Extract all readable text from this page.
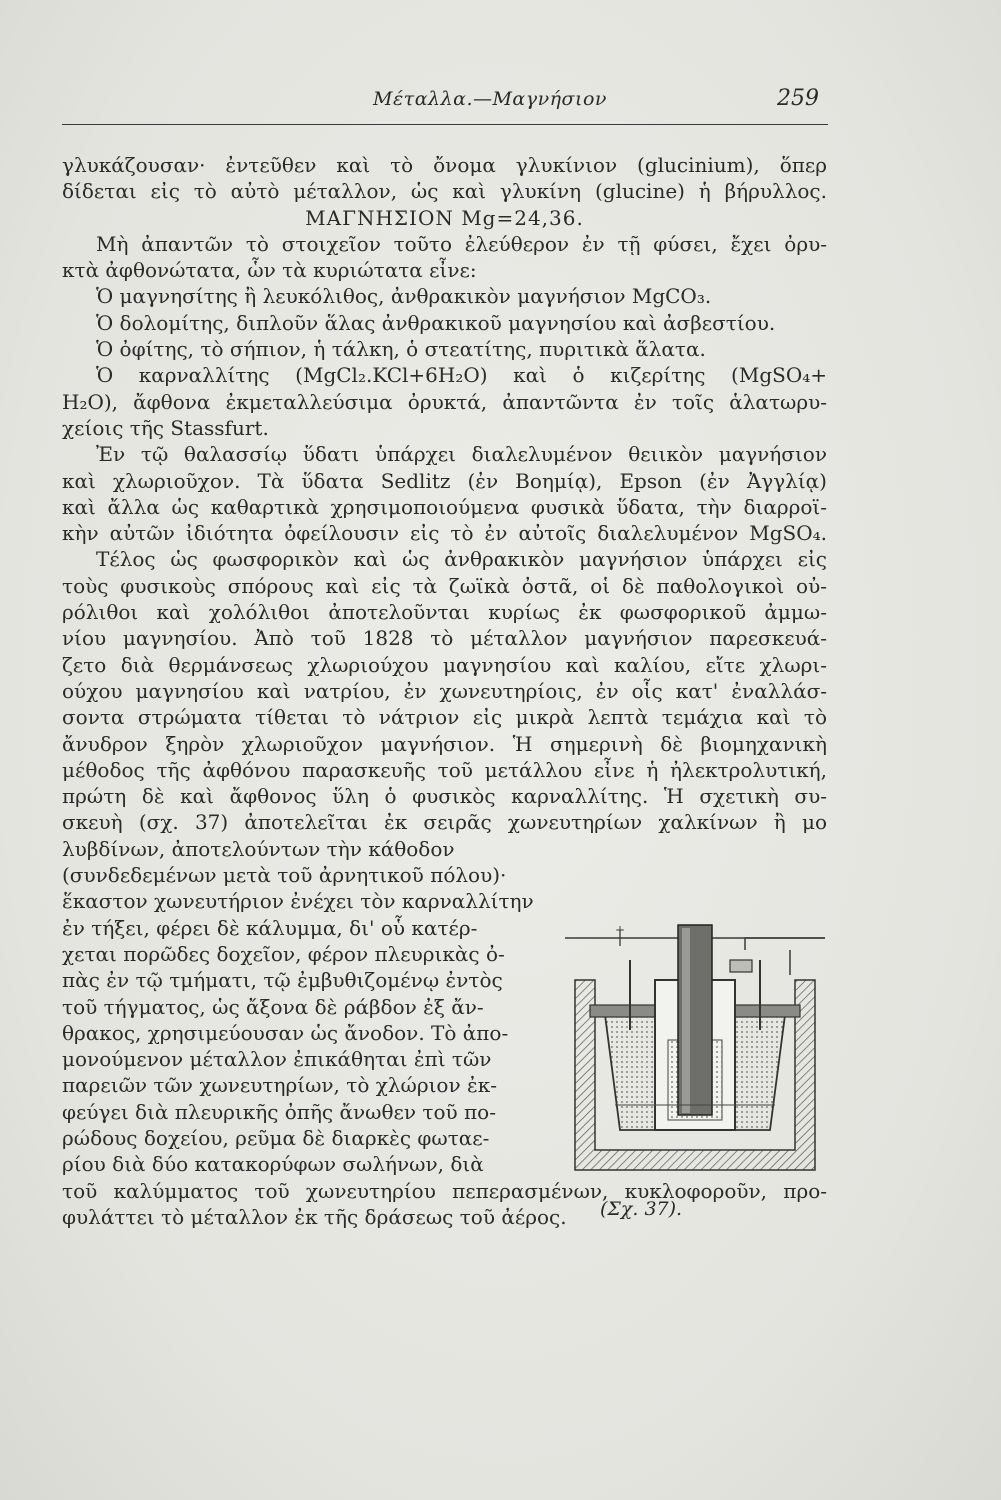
Μέταλλα.—Μαγνήσιον	259
γλυκάζουσαν· ἐντεῦθεν καὶ τὸ ὄνομα γλυκίνιον (glucinium), ὅπερ
δίδεται εἰς τὸ αὐτὸ μέταλλον, ὡς καὶ γλυκίνη (glucine) ἡ βήρυλλος.
ΜΑΓΝΗΣΙΟΝ Mg=24,36.
Μὴ ἀπαντῶν τὸ στοιχεῖον τοῦτο ἐλεύθερον ἐν τῇ φύσει, ἔχει ὀρυ-
κτὰ ἀφθονώτατα, ὧν τὰ κυριώτατα εἶνε:
Ὁ μαγνησίτης ἢ λευκόλιθος, ἀνθρακικὸν μαγνήσιον MgCO₃.
Ὁ δολομίτης, διπλοῦν ἅλας ἀνθρακικοῦ μαγνησίου καὶ ἀσβεστίου.
Ὁ ὀφίτης, τὸ σήπιον, ἡ τάλκη, ὁ στεατίτης, πυριτικὰ ἅλατα.
Ὁ καρναλλίτης (MgCl₂.KCl+6H₂O) καὶ ὁ κιζερίτης (MgSO₄+
H₂O), ἄφθονα ἐκμεταλλεύσιμα ὀρυκτά, ἀπαντῶντα ἐν τοῖς ἁλατωρυ-
χείοις τῆς Stassfurt.
Ἐν τῷ θαλασσίῳ ὕδατι ὑπάρχει διαλελυμένον θειικὸν μαγνήσιον
καὶ χλωριοῦχον. Τὰ ὕδατα Sedlitz (ἐν Βοημίᾳ), Epson (ἐν Ἀγγλίᾳ)
καὶ ἄλλα ὡς καθαρτικὰ χρησιμοποιούμενα φυσικὰ ὕδατα, τὴν διαρροϊ-
κὴν αὐτῶν ἰδιότητα ὀφείλουσιν εἰς τὸ ἐν αὐτοῖς διαλελυμένον MgSO₄.
Τέλος ὡς φωσφορικὸν καὶ ὡς ἀνθρακικὸν μαγνήσιον ὑπάρχει εἰς
τοὺς φυσικοὺς σπόρους καὶ εἰς τὰ ζωϊκὰ ὀστᾶ, οἱ δὲ παθολογικοὶ οὐ-
ρόλιθοι καὶ χολόλιθοι ἀποτελοῦνται κυρίως ἐκ φωσφορικοῦ ἀμμω-
νίου μαγνησίου. Ἀπὸ τοῦ 1828 τὸ μέταλλον μαγνήσιον παρεσκευά-
ζετο διὰ θερμάνσεως χλωριούχου μαγνησίου καὶ καλίου, εἴτε χλωρι-
ούχου μαγνησίου καὶ νατρίου, ἐν χωνευτηρίοις, ἐν οἷς κατ' ἐναλλάσ-
σοντα στρώματα τίθεται τὸ νάτριον εἰς μικρὰ λεπτὰ τεμάχια καὶ τὸ
ἄνυδρον ξηρὸν χλωριοῦχον μαγνήσιον. Ἡ σημερινὴ δὲ βιομηχανικὴ
μέθοδος τῆς ἀφθόνου παρασκευῆς τοῦ μετάλλου εἶνε ἡ ἠλεκτρολυτική,
πρώτη δὲ καὶ ἄφθονος ὕλη ὁ φυσικὸς καρναλλίτης. Ἡ σχετικὴ συ-
σκευὴ (σχ. 37) ἀποτελεῖται ἐκ σειρᾶς χωνευτηρίων χαλκίνων ἢ μο
λυβδίνων, ἀποτελούντων τὴν κάθοδον
(συνδεδεμένων μετὰ τοῦ ἀρνητικοῦ πόλου)·
ἕκαστον χωνευτήριον ἐνέχει τὸν καρναλλίτην
ἐν τήξει, φέρει δὲ κάλυμμα, δι' οὗ κατέρ-
χεται πορῶδες δοχεῖον, φέρον πλευρικὰς ὀ-
πὰς ἐν τῷ τμήματι, τῷ ἐμβυθιζομένῳ ἐντὸς
τοῦ τήγματος, ὡς ἄξονα δὲ ράβδον ἐξ ἄν-
θρακος, χρησιμεύουσαν ὡς ἄνοδον. Τὸ ἀπο-
μονούμενον μέταλλον ἐπικάθηται ἐπὶ τῶν
παρειῶν τῶν χωνευτηρίων, τὸ χλώριον ἐκ-
φεύγει διὰ πλευρικῆς ὀπῆς ἄνωθεν τοῦ πο-
ρώδους δοχείου, ρεῦμα δὲ διαρκὲς φωταε-
ρίου διὰ δύο κατακορύφων σωλήνων, διὰ
τοῦ καλύμματος τοῦ χωνευτηρίου πεπερασμένων, κυκλοφοροῦν, προ-
φυλάττει τὸ μέταλλον ἐκ τῆς δράσεως τοῦ ἀέρος.
+
(Σχ. 37).
